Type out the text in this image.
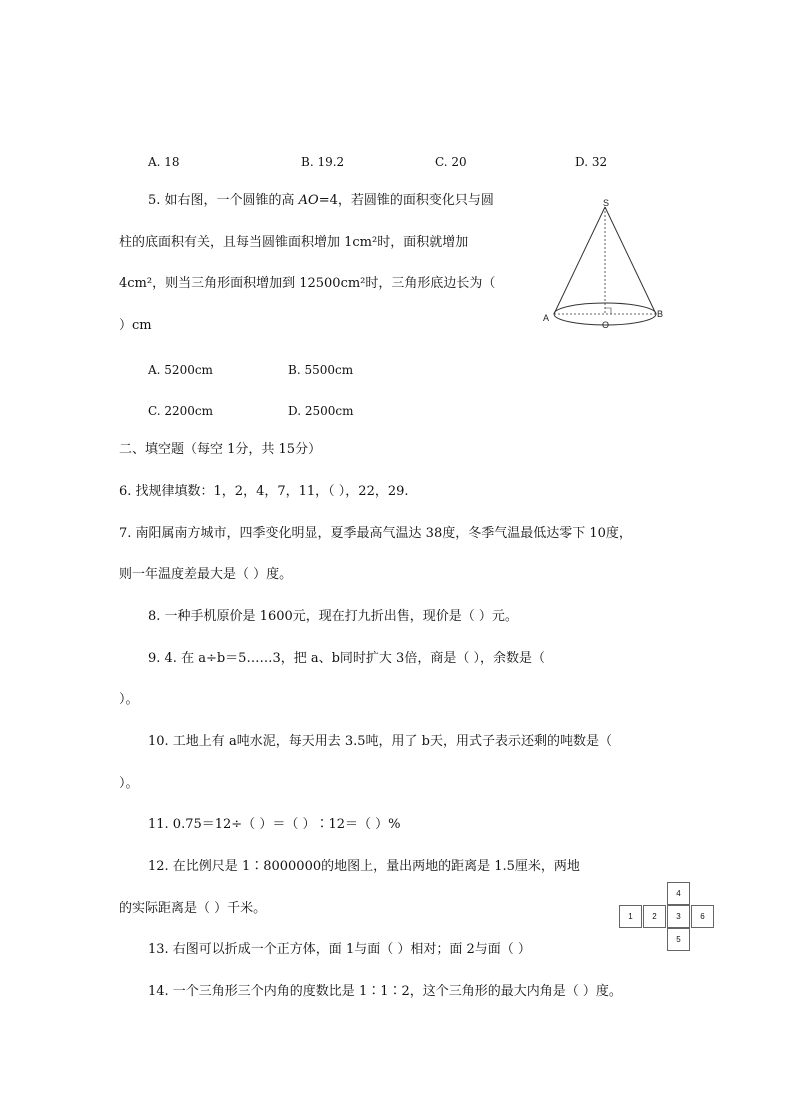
A. 18	B. 19.2	C. 20	D. 32
5. 如右图，一个圆锥的高 AO=4，若圆锥的面积变化只与圆
柱的底面积有关，且每当圆锥面积增加 1cm²时，面积就增加
4cm²，则当三角形面积增加到 12500cm²时，三角形底边长为（
）cm
S
A	B
O
A. 5200cm	B. 5500cm
C. 2200cm	D. 2500cm
二、填空题（每空 1分，共 15分）
6. 找规律填数：1，2，4，7，11，（ ），22，29.
7. 南阳属南方城市，四季变化明显，夏季最高气温达 38度，冬季气温最低达零下 10度，
则一年温度差最大是（ ）度。
8. 一种手机原价是 1600元，现在打九折出售，现价是（ ）元。
9. 4. 在 a÷b＝5……3，把 a、b同时扩大 3倍，商是（ ），余数是（
）。
10. 工地上有 a吨水泥，每天用去 3.5吨，用了 b天，用式子表示还剩的吨数是（
）。
11. 0.75＝12÷（ ）＝（ ）∶12＝（ ）%
12. 在比例尺是 1∶8000000的地图上，量出两地的距离是 1.5厘米，两地
的实际距离是（ ）千米。
13. 右图可以折成一个正方体，面 1与面（ ）相对；面 2与面（ ）
14. 一个三角形三个内角的度数比是 1∶1∶2，这个三角形的最大内角是（ ）度。
4
1	2	3	6
5
